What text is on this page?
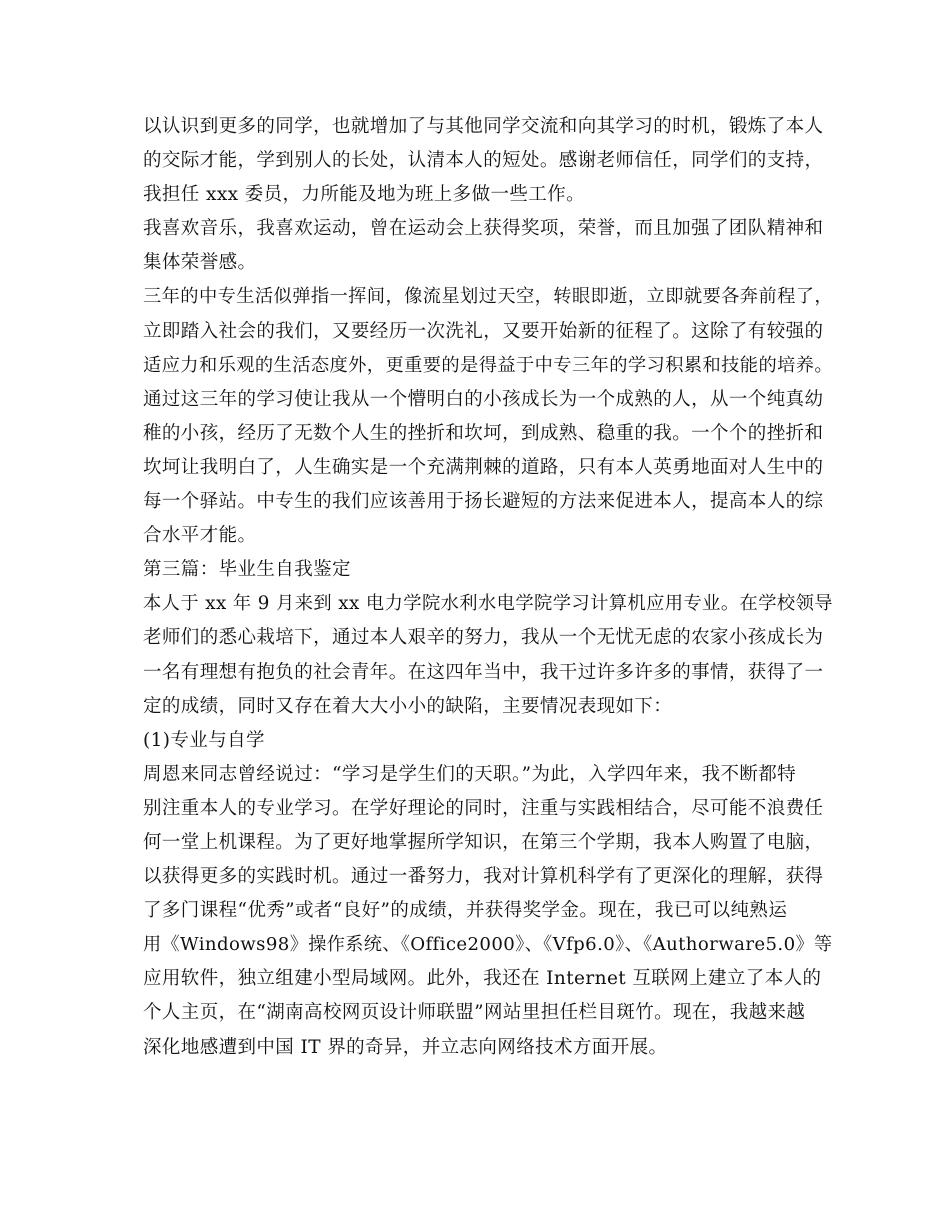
以认识到更多的同学，也就增加了与其他同学交流和向其学习的时机，锻炼了本人

的交际才能，学到别人的长处，认清本人的短处。感谢老师信任，同学们的支持，

我担任 xxx 委员，力所能及地为班上多做一些工作。

我喜欢音乐，我喜欢运动，曾在运动会上获得奖项，荣誉，而且加强了团队精神和

集体荣誉感。

三年的中专生活似弹指一挥间，像流星划过天空，转眼即逝，立即就要各奔前程了，

立即踏入社会的我们，又要经历一次洗礼，又要开始新的征程了。这除了有较强的

适应力和乐观的生活态度外，更重要的是得益于中专三年的学习积累和技能的培养。

通过这三年的学习使让我从一个懵明白的小孩成长为一个成熟的人，从一个纯真幼

稚的小孩，经历了无数个人生的挫折和坎坷，到成熟、稳重的我。一个个的挫折和

坎坷让我明白了，人生确实是一个充满荆棘的道路，只有本人英勇地面对人生中的

每一个驿站。中专生的我们应该善用于扬长避短的方法来促进本人，提高本人的综

合水平才能。

第三篇：毕业生自我鉴定

本人于 xx 年 9 月来到 xx 电力学院水利水电学院学习计算机应用专业。在学校领导

老师们的悉心栽培下，通过本人艰辛的努力，我从一个无忧无虑的农家小孩成长为

一名有理想有抱负的社会青年。在这四年当中，我干过许多许多的事情，获得了一

定的成绩，同时又存在着大大小小的缺陷，主要情况表现如下：

(1)专业与自学

周恩来同志曾经说过：“学习是学生们的天职。”为此，入学四年来，我不断都特

别注重本人的专业学习。在学好理论的同时，注重与实践相结合，尽可能不浪费任

何一堂上机课程。为了更好地掌握所学知识，在第三个学期，我本人购置了电脑，

以获得更多的实践时机。通过一番努力，我对计算机科学有了更深化的理解，获得

了多门课程“优秀”或者“良好”的成绩，并获得奖学金。现在，我已可以纯熟运

用《Windows98》操作系统、《Office2000》、《Vfp6.0》、《Authorware5.0》等

应用软件，独立组建小型局域网。此外，我还在 Internet 互联网上建立了本人的

个人主页，在“湖南高校网页设计师联盟”网站里担任栏目斑竹。现在，我越来越

深化地感遭到中国 IT 界的奇异，并立志向网络技术方面开展。
